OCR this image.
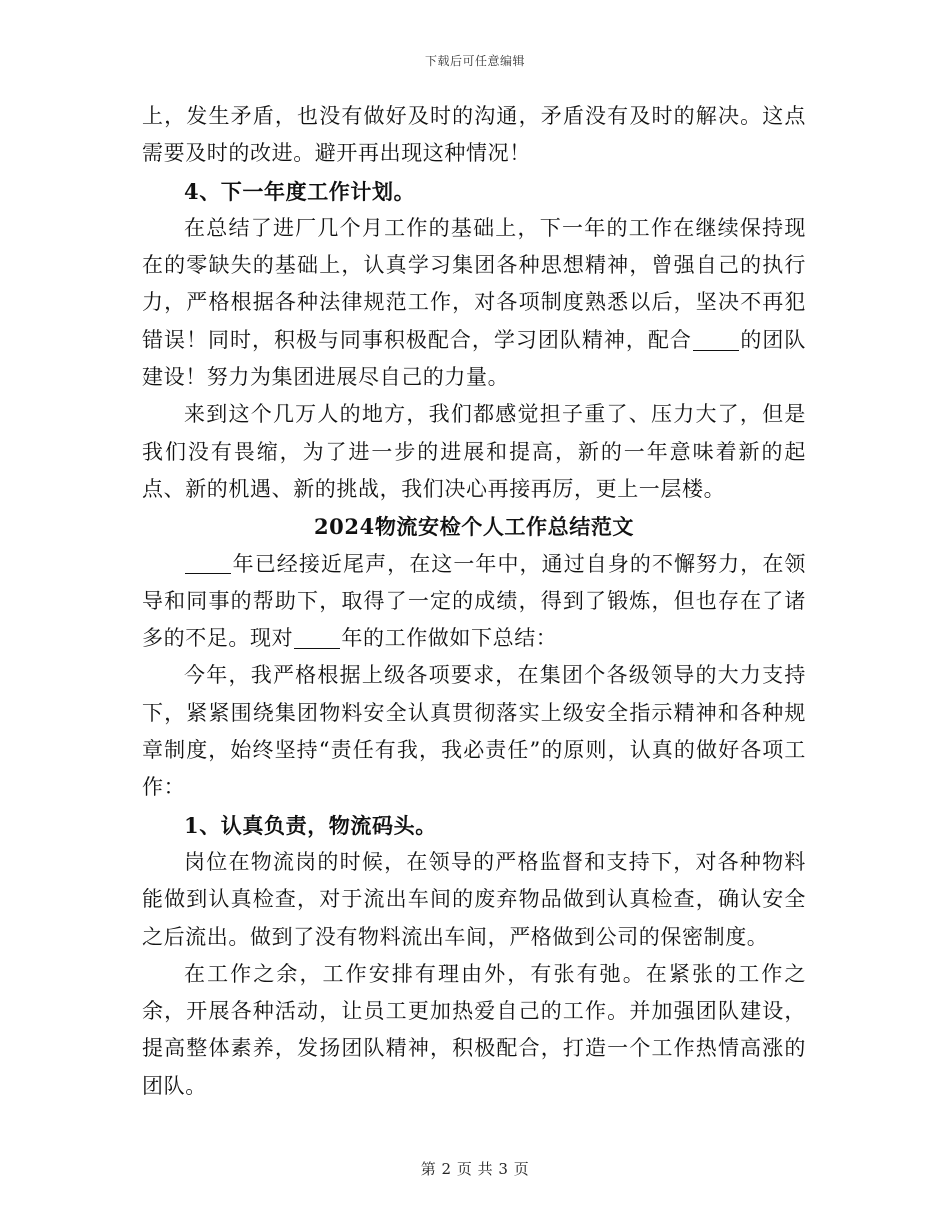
下载后可任意编辑

上，发生矛盾，也没有做好及时的沟通，矛盾没有及时的解决。这点需要及时的改进。避开再出现这种情况！

4、下一年度工作计划。

在总结了进厂几个月工作的基础上，下一年的工作在继续保持现在的零缺失的基础上，认真学习集团各种思想精神，曾强自己的执行力，严格根据各种法律规范工作，对各项制度熟悉以后，坚决不再犯错误！同时，积极与同事积极配合，学习团队精神，配合 的团队建设！努力为集团进展尽自己的力量。

来到这个几万人的地方，我们都感觉担子重了、压力大了，但是我们没有畏缩，为了进一步的进展和提高，新的一年意味着新的起点、新的机遇、新的挑战，我们决心再接再厉，更上一层楼。

2024物流安检个人工作总结范文

年已经接近尾声，在这一年中，通过自身的不懈努力，在领导和同事的帮助下，取得了一定的成绩，得到了锻炼，但也存在了诸多的不足。现对 年的工作做如下总结：

今年，我严格根据上级各项要求，在集团个各级领导的大力支持下，紧紧围绕集团物料安全认真贯彻落实上级安全指示精神和各种规章制度，始终坚持“责任有我，我必责任”的原则，认真的做好各项工作：

1、认真负责，物流码头。

岗位在物流岗的时候，在领导的严格监督和支持下，对各种物料能做到认真检查，对于流出车间的废弃物品做到认真检查，确认安全之后流出。做到了没有物料流出车间，严格做到公司的保密制度。

在工作之余，工作安排有理由外，有张有弛。在紧张的工作之余，开展各种活动，让员工更加热爱自己的工作。并加强团队建设，提高整体素养，发扬团队精神，积极配合，打造一个工作热情高涨的团队。

第 2 页 共 3 页
